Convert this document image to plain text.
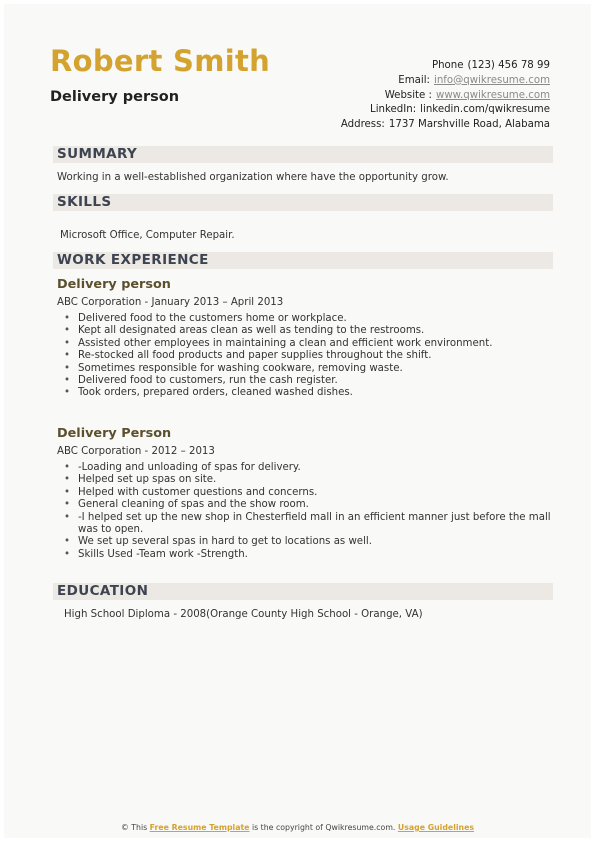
Robert Smith
Delivery person
Phone (123) 456 78 99
Email: info@qwikresume.com
Website : www.qwikresume.com
LinkedIn: linkedin.com/qwikresume
Address: 1737 Marshville Road, Alabama
SUMMARY
Working in a well-established organization where have the opportunity grow.
SKILLS
Microsoft Office, Computer Repair.
WORK EXPERIENCE
Delivery person
ABC Corporation - January 2013 – April 2013
• Delivered food to the customers home or workplace.
• Kept all designated areas clean as well as tending to the restrooms.
• Assisted other employees in maintaining a clean and efficient work environment.
• Re-stocked all food products and paper supplies throughout the shift.
• Sometimes responsible for washing cookware, removing waste.
• Delivered food to customers, run the cash register.
• Took orders, prepared orders, cleaned washed dishes.
Delivery Person
ABC Corporation - 2012 – 2013
• -Loading and unloading of spas for delivery.
• Helped set up spas on site.
• Helped with customer questions and concerns.
• General cleaning of spas and the show room.
• -I helped set up the new shop in Chesterfield mall in an efficient manner just before the mall
was to open.
• We set up several spas in hard to get to locations as well.
• Skills Used -Team work -Strength.
EDUCATION
High School Diploma - 2008(Orange County High School - Orange, VA)
© This Free Resume Template is the copyright of Qwikresume.com. Usage Guidelines
